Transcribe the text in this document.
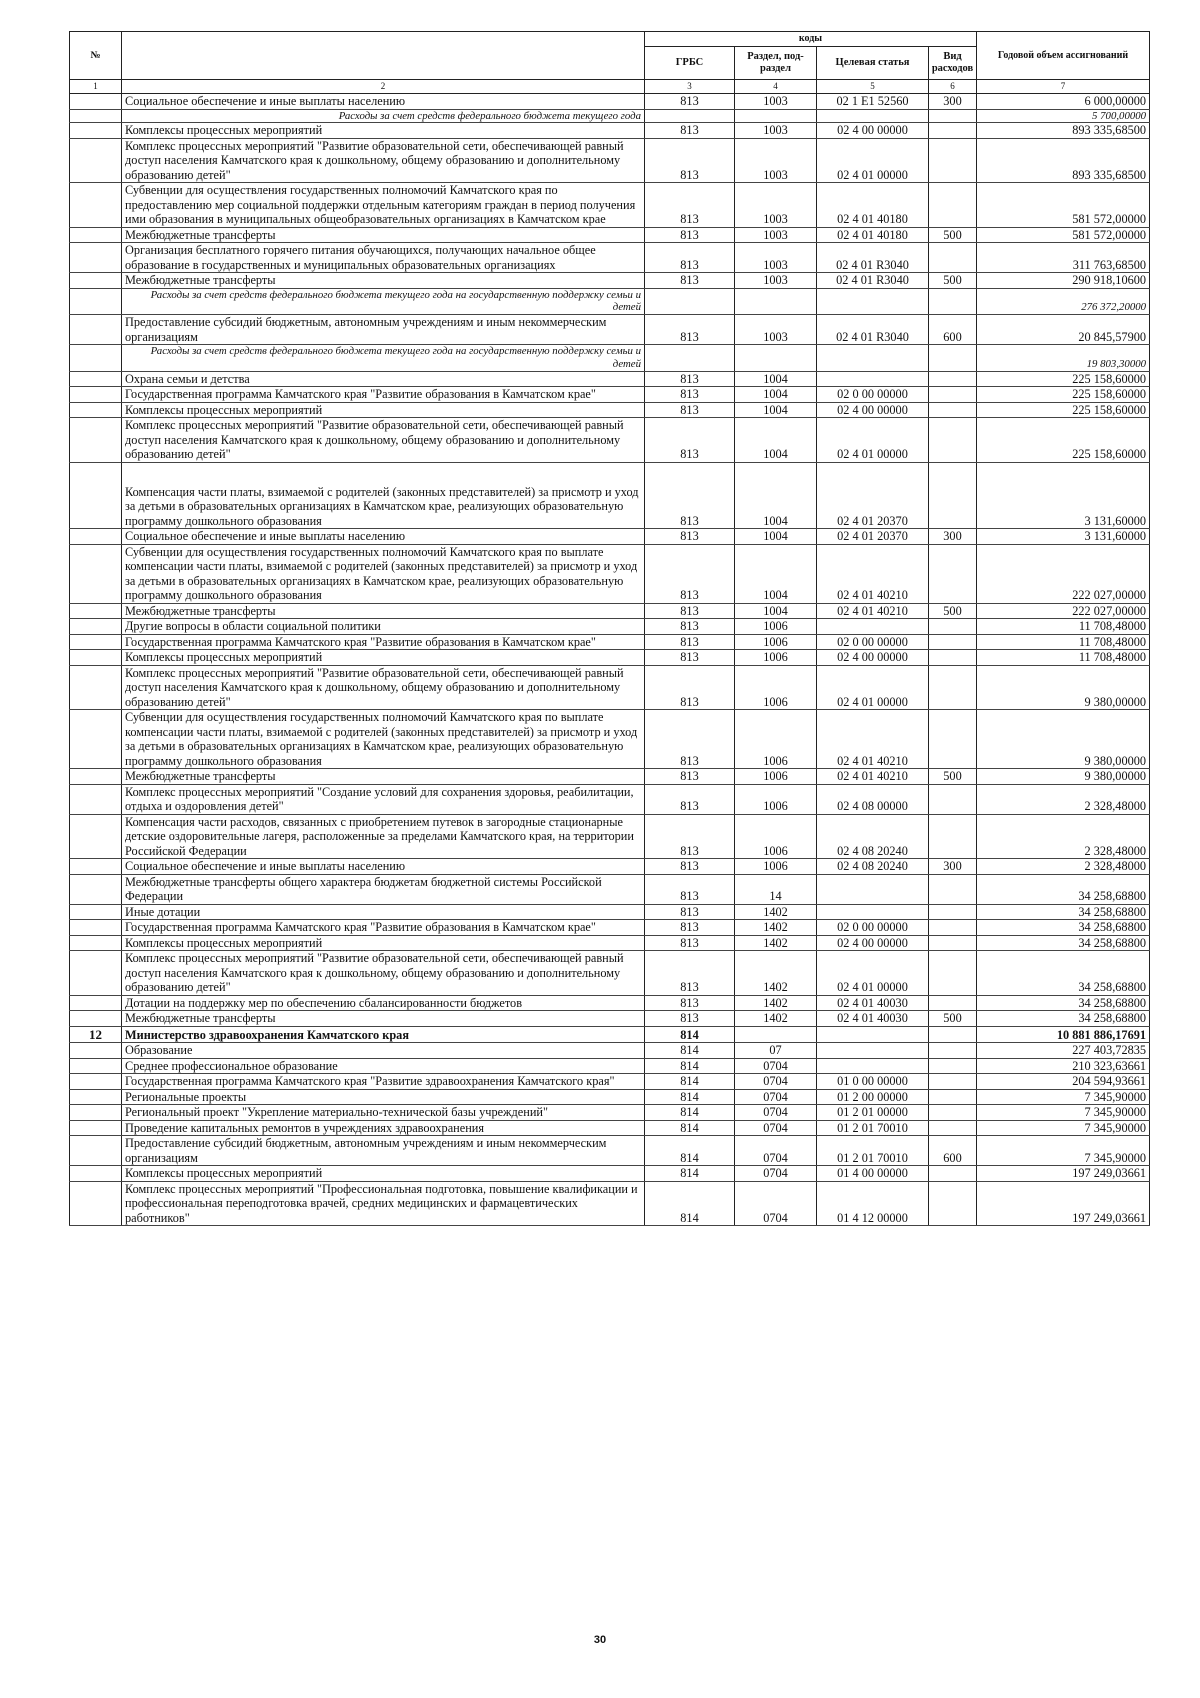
№		коды				Годовой объем ассигнований
		ГРБС	Раздел, под-раздел	Целевая статья	Вид расходов	
1	2	3	4	5	6	7
	Социальное обеспечение и иные выплаты населению	813	1003	02 1 Е1 52560	300	6 000,00000
	Расходы за счет средств федерального бюджета текущего года					5 700,00000
	Комплексы процессных мероприятий	813	1003	02 4 00 00000		893 335,68500
	Комплекс процессных мероприятий "Развитие образовательной сети, обеспечивающей равный доступ населения Камчатского края к дошкольному, общему образованию и дополнительному образованию детей"	813	1003	02 4 01 00000		893 335,68500
	Субвенции для осуществления государственных полномочий Камчатского края по предоставлению мер социальной поддержки отдельным категориям граждан в период получения ими образования в муниципальных общеобразовательных организациях в Камчатском крае	813	1003	02 4 01 40180		581 572,00000
	Межбюджетные трансферты	813	1003	02 4 01 40180	500	581 572,00000
	Организация бесплатного горячего питания обучающихся, получающих начальное общее образование в государственных и муниципальных образовательных организациях	813	1003	02 4 01 R3040		311 763,68500
	Межбюджетные трансферты	813	1003	02 4 01 R3040	500	290 918,10600
	Расходы за счет средств федерального бюджета текущего года на государственную поддержку семьи и детей					276 372,20000
	Предоставление субсидий бюджетным, автономным учреждениям и иным некоммерческим организациям	813	1003	02 4 01 R3040	600	20 845,57900
	Расходы за счет средств федерального бюджета текущего года на государственную поддержку семьи и детей					19 803,30000
	Охрана семьи и детства	813	1004			225 158,60000
	Государственная программа Камчатского края "Развитие образования в Камчатском крае"	813	1004	02 0 00 00000		225 158,60000
	Комплексы процессных мероприятий	813	1004	02 4 00 00000		225 158,60000
	Комплекс процессных мероприятий "Развитие образовательной сети, обеспечивающей равный доступ населения Камчатского края к дошкольному, общему образованию и дополнительному образованию детей"	813	1004	02 4 01 00000		225 158,60000
	Компенсация части платы, взимаемой с родителей (законных представителей) за присмотр и уход за детьми в образовательных организациях в Камчатском крае, реализующих образовательную программу дошкольного образования	813	1004	02 4 01 20370		3 131,60000
	Социальное обеспечение и иные выплаты населению	813	1004	02 4 01 20370	300	3 131,60000
	Субвенции для осуществления государственных полномочий Камчатского края по выплате компенсации части платы, взимаемой с родителей (законных представителей) за присмотр и уход за детьми в образовательных организациях в Камчатском крае, реализующих образовательную программу дошкольного образования	813	1004	02 4 01 40210		222 027,00000
	Межбюджетные трансферты	813	1004	02 4 01 40210	500	222 027,00000
	Другие вопросы в области социальной политики	813	1006			11 708,48000
	Государственная программа Камчатского края "Развитие образования в Камчатском крае"	813	1006	02 0 00 00000		11 708,48000
	Комплексы процессных мероприятий	813	1006	02 4 00 00000		11 708,48000
	Комплекс процессных мероприятий "Развитие образовательной сети, обеспечивающей равный доступ населения Камчатского края к дошкольному, общему образованию и дополнительному образованию детей"	813	1006	02 4 01 00000		9 380,00000
	Субвенции для осуществления государственных полномочий Камчатского края по выплате компенсации части платы, взимаемой с родителей (законных представителей) за присмотр и уход за детьми в образовательных организациях в Камчатском крае, реализующих образовательную программу дошкольного образования	813	1006	02 4 01 40210		9 380,00000
	Межбюджетные трансферты	813	1006	02 4 01 40210	500	9 380,00000
	Комплекс процессных мероприятий "Создание условий для сохранения здоровья, реабилитации, отдыха и оздоровления детей"	813	1006	02 4 08 00000		2 328,48000
	Компенсация части расходов, связанных с приобретением путевок в загородные стационарные детские оздоровительные лагеря, расположенные за пределами Камчатского края, на территории Российской Федерации	813	1006	02 4 08 20240		2 328,48000
	Социальное обеспечение и иные выплаты населению	813	1006	02 4 08 20240	300	2 328,48000
	Межбюджетные трансферты общего характера бюджетам бюджетной системы Российской Федерации	813	14			34 258,68800
	Иные дотации	813	1402			34 258,68800
	Государственная программа Камчатского края "Развитие образования в Камчатском крае"	813	1402	02 0 00 00000		34 258,68800
	Комплексы процессных мероприятий	813	1402	02 4 00 00000		34 258,68800
	Комплекс процессных мероприятий "Развитие образовательной сети, обеспечивающей равный доступ населения Камчатского края к дошкольному, общему образованию и дополнительному образованию детей"	813	1402	02 4 01 00000		34 258,68800
	Дотации на поддержку мер по обеспечению сбалансированности бюджетов	813	1402	02 4 01 40030		34 258,68800
	Межбюджетные трансферты	813	1402	02 4 01 40030	500	34 258,68800
12	Министерство здравоохранения Камчатского края	814				10 881 886,17691
	Образование	814	07			227 403,72835
	Среднее профессиональное образование	814	0704			210 323,63661
	Государственная программа Камчатского края "Развитие здравоохранения Камчатского края"	814	0704	01 0 00 00000		204 594,93661
	Региональные проекты	814	0704	01 2 00 00000		7 345,90000
	Региональный проект "Укрепление материально-технической базы учреждений"	814	0704	01 2 01 00000		7 345,90000
	Проведение капитальных ремонтов в учреждениях здравоохранения	814	0704	01 2 01 70010		7 345,90000
	Предоставление субсидий бюджетным, автономным учреждениям и иным некоммерческим организациям	814	0704	01 2 01 70010	600	7 345,90000
	Комплексы процессных мероприятий	814	0704	01 4 00 00000		197 249,03661
	Комплекс процессных мероприятий "Профессиональная подготовка, повышение квалификации и профессиональная переподготовка врачей, средних медицинских и фармацевтических работников"	814	0704	01 4 12 00000		197 249,03661
30
